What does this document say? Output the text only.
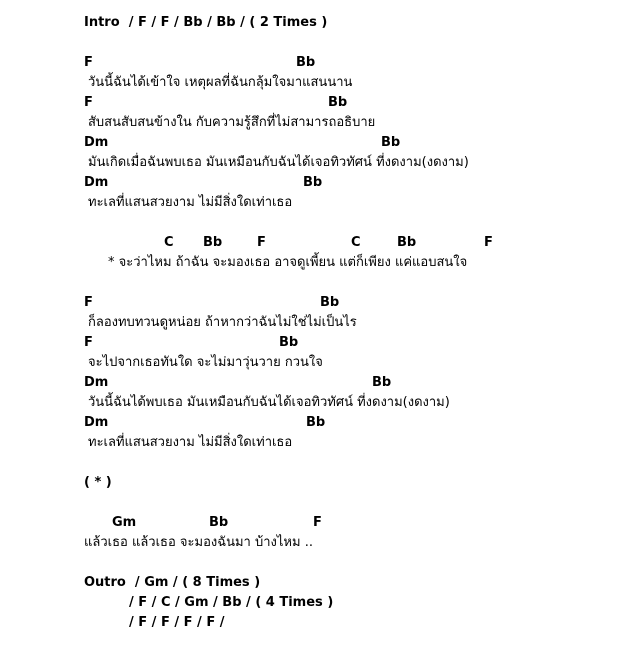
Intro  / F / F / Bb / Bb / ( 2 Times )
F	Bb
วันนี้ฉันได้เข้าใจ เหตุผลที่ฉันกลุ้มใจมาแสนนาน
F	Bb
สับสนสับสนข้างใน กับความรู้สึกที่ไม่สามารถอธิบาย
Dm	Bb
มันเกิดเมื่อฉันพบเธอ มันเหมือนกับฉันได้เจอทิวทัศน์ ที่งดงาม(งดงาม)
Dm	Bb
ทะเลที่แสนสวยงาม ไม่มีสิ่งใดเท่าเธอ
C Bb	F	C	Bb	F
* จะว่าไหม ถ้าฉัน จะมองเธอ อาจดูเพี้ยน แต่ก็เพียง แค่แอบสนใจ
F	Bb
ก็ลองทบทวนดูหน่อย ถ้าหากว่าฉันไม่ใช่ไม่เป็นไร
F	Bb
จะไปจากเธอทันใด จะไม่มาวุ่นวาย กวนใจ
Dm	Bb
วันนี้ฉันได้พบเธอ มันเหมือนกับฉันได้เจอทิวทัศน์ ที่งดงาม(งดงาม)
Dm	Bb
ทะเลที่แสนสวยงาม ไม่มีสิ่งใดเท่าเธอ
( * )
Gm	Bb	F
แล้วเธอ แล้วเธอ จะมองฉันมา บ้างไหม ..
Outro  / Gm / ( 8 Times )
/ F / C / Gm / Bb / ( 4 Times )
/ F / F / F / F /
